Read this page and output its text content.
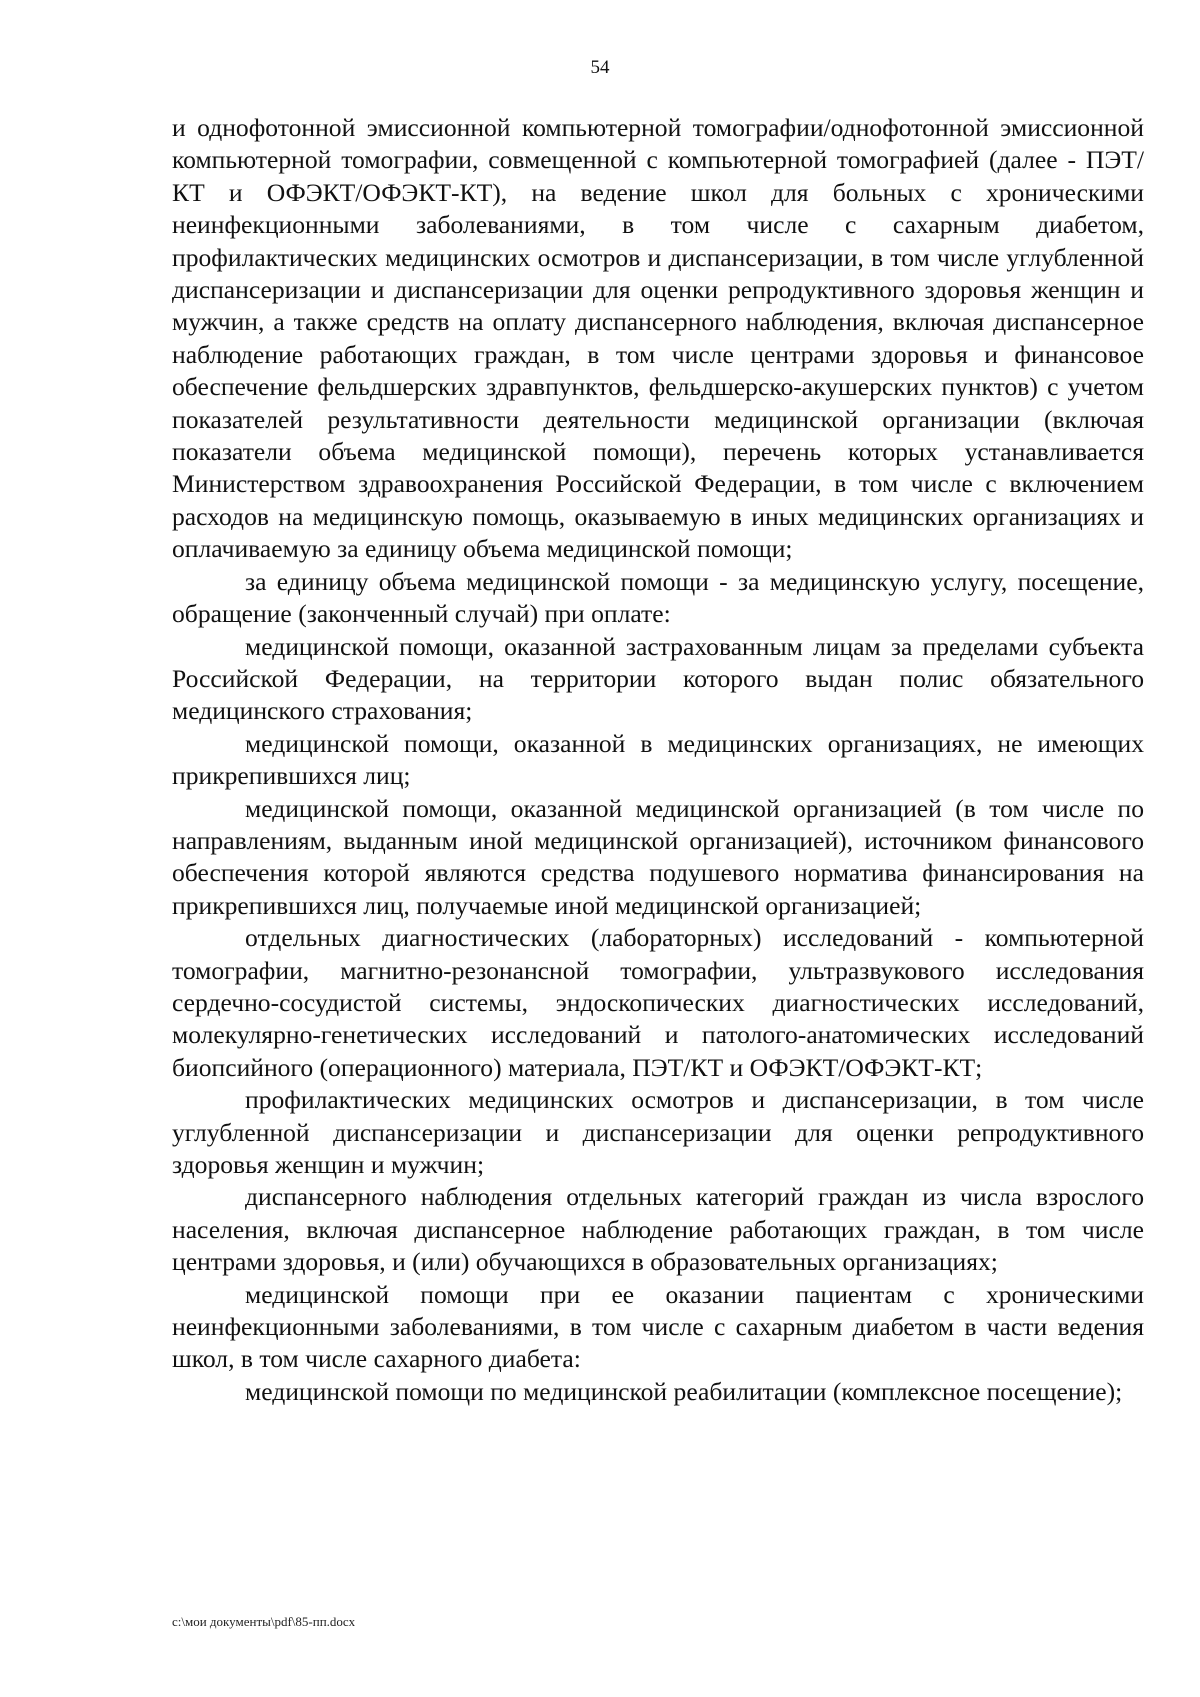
54

и однофотонной эмиссионной компьютерной томографии/однофотонной эмиссионной компьютерной томографии, совмещенной с компьютерной томографией (далее - ПЭТ/КТ и ОФЭКТ/ОФЭКТ-КТ), на ведение школ для больных с хроническими неинфекционными заболеваниями, в том числе с сахарным диабетом, профилактических медицинских осмотров и диспансеризации, в том числе углубленной диспансеризации и диспансеризации для оценки репродуктивного здоровья женщин и мужчин, а также средств на оплату диспансерного наблюдения, включая диспансерное наблюдение работающих граждан, в том числе центрами здоровья и финансовое обеспечение фельдшерских здравпунктов, фельдшерско-акушерских пунктов) с учетом показателей результативности деятельности медицинской организации (включая показатели объема медицинской помощи), перечень которых устанавливается Министерством здравоохранения Российской Федерации, в том числе с включением расходов на медицинскую помощь, оказываемую в иных медицинских организациях и оплачиваемую за единицу объема медицинской помощи;

за единицу объема медицинской помощи - за медицинскую услугу, посещение, обращение (законченный случай) при оплате:

медицинской помощи, оказанной застрахованным лицам за пределами субъекта Российской Федерации, на территории которого выдан полис обязательного медицинского страхования;

медицинской помощи, оказанной в медицинских организациях, не имеющих прикрепившихся лиц;

медицинской помощи, оказанной медицинской организацией (в том числе по направлениям, выданным иной медицинской организацией), источником финансового обеспечения которой являются средства подушевого норматива финансирования на прикрепившихся лиц, получаемые иной медицинской организацией;

отдельных диагностических (лабораторных) исследований - компьютерной томографии, магнитно-резонансной томографии, ультразвукового исследования сердечно-сосудистой системы, эндоскопических диагностических исследований, молекулярно-генетических исследований и патолого-анатомических исследований биопсийного (операционного) материала, ПЭТ/КТ и ОФЭКТ/ОФЭКТ-КТ;

профилактических медицинских осмотров и диспансеризации, в том числе углубленной диспансеризации и диспансеризации для оценки репродуктивного здоровья женщин и мужчин;

диспансерного наблюдения отдельных категорий граждан из числа взрослого населения, включая диспансерное наблюдение работающих граждан, в том числе центрами здоровья, и (или) обучающихся в образовательных организациях;

медицинской помощи при ее оказании пациентам с хроническими неинфекционными заболеваниями, в том числе с сахарным диабетом в части ведения школ, в том числе сахарного диабета:

медицинской помощи по медицинской реабилитации (комплексное посещение);

c:\мои документы\pdf\85-пп.docx
